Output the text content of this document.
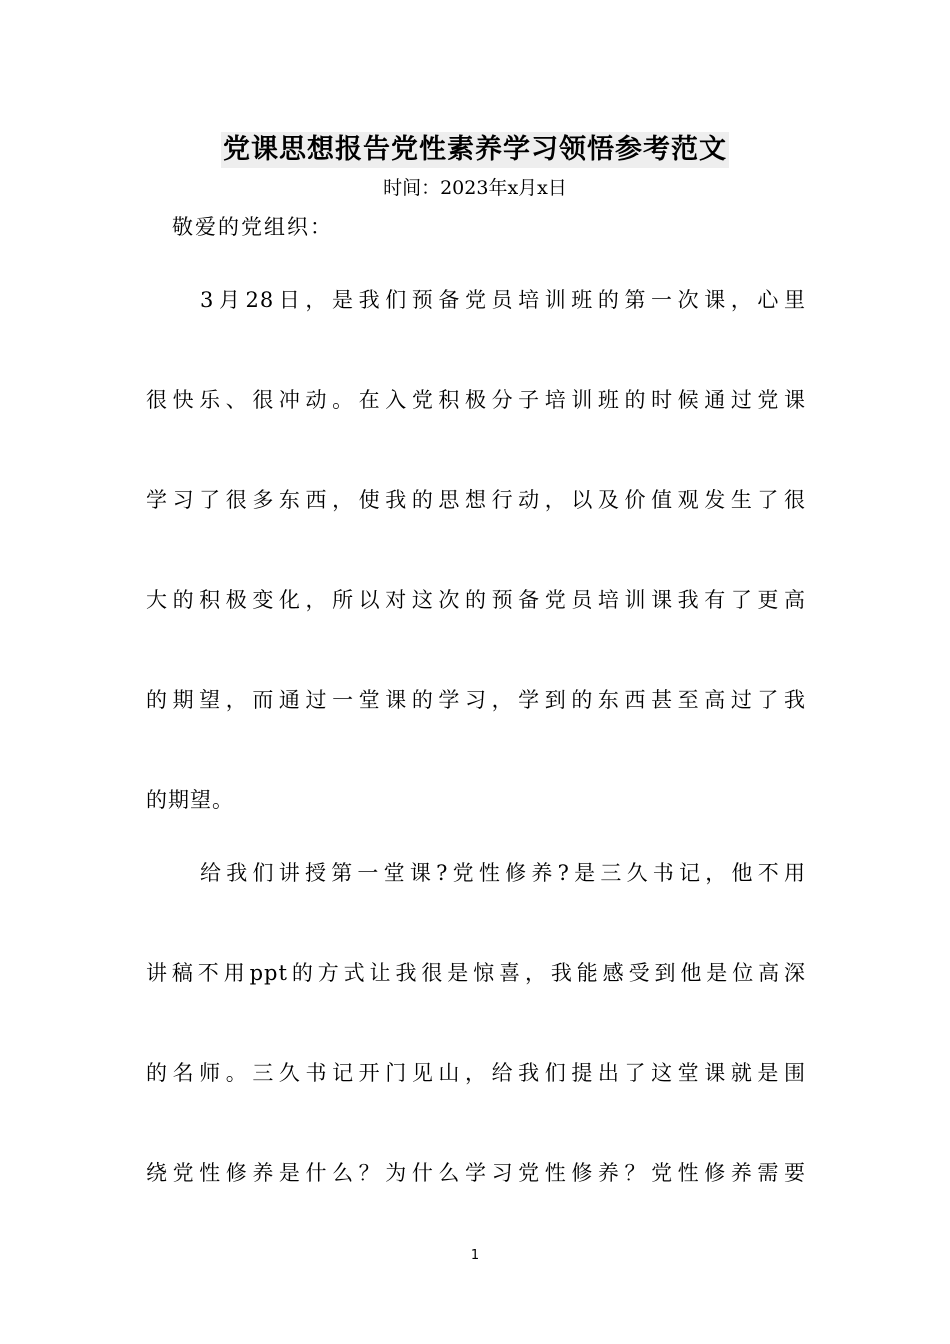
党课思想报告党性素养学习领悟参考范文
时间：2023年x月x日
敬爱的党组织：
3月28日，是我们预备党员培训班的第一次课，心里
很快乐、很冲动。在入党积极分子培训班的时候通过党课
学习了很多东西，使我的思想行动，以及价值观发生了很
大的积极变化，所以对这次的预备党员培训课我有了更高
的期望，而通过一堂课的学习，学到的东西甚至高过了我
的期望。
给我们讲授第一堂课?党性修养?是三久书记，他不用
讲稿不用ppt的方式让我很是惊喜，我能感受到他是位高深
的名师。三久书记开门见山，给我们提出了这堂课就是围
绕党性修养是什么？为什么学习党性修养？党性修养需要
1
